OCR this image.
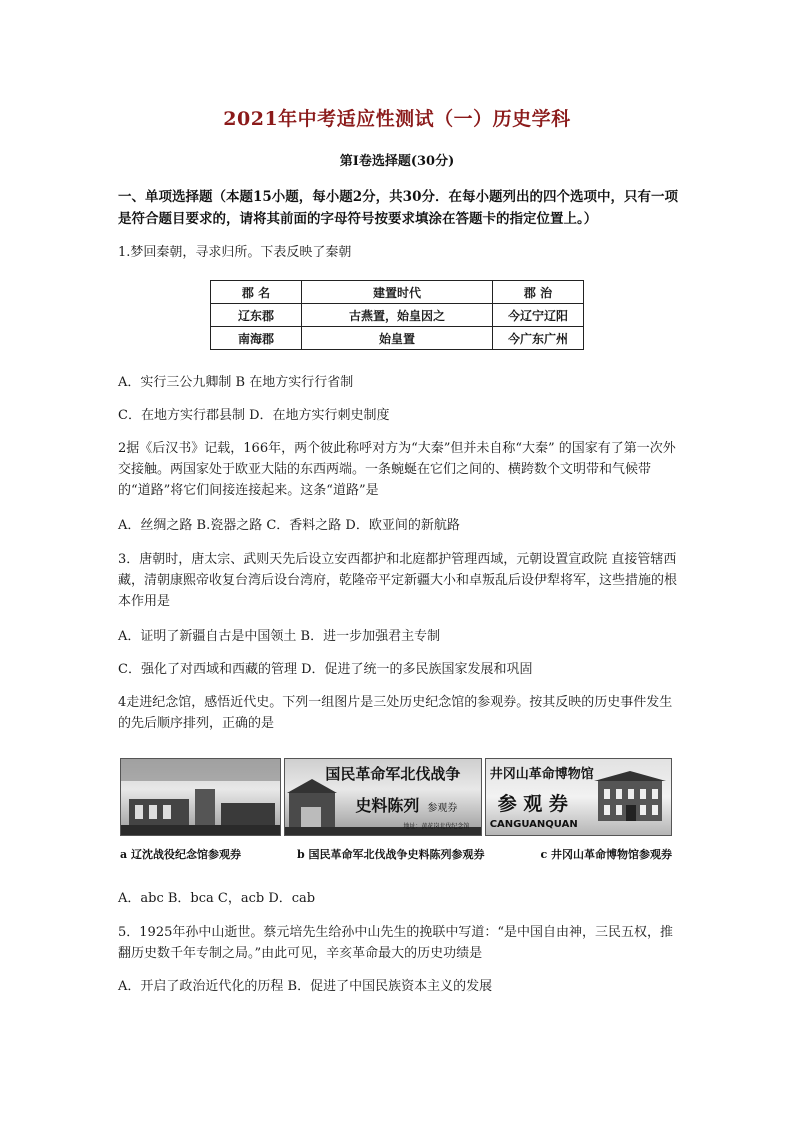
2021年中考适应性测试（一）历史学科
第Ⅰ卷选择题(30分)
一、单项选择题（本题15小题，每小题2分，共30分．在每小题列出的四个选项中，只有一项是符合题目要求的，请将其前面的字母符号按要求填涂在答题卡的指定位置上。）
1.梦回秦朝，寻求归所。下表反映了秦朝
郡 名	建置时代	郡 治
辽东郡	古燕置，始皇因之	今辽宁辽阳
南海郡	始皇置	今广东广州
A．实行三公九卿制 B 在地方实行行省制
C．在地方实行郡县制 D．在地方实行刺史制度
2据《后汉书》记载，166年，两个彼此称呼对方为“大秦”但并未自称“大秦” 的国家有了第一次外交接触。两国家处于欧亚大陆的东西两端。一条蜿蜒在它们之间的、横跨数个文明带和气候带的“道路”将它们间接连接起来。这条“道路”是
A．丝绸之路 B.瓷器之路 C．香料之路 D．欧亚间的新航路
3．唐朝时，唐太宗、武则天先后设立安西都护和北庭都护管理西域，元朝设置宣政院 直接管辖西藏，清朝康熙帝收复台湾后设台湾府，乾隆帝平定新疆大小和卓叛乱后设伊犁将军，这些措施的根本作用是
A．证明了新疆自古是中国领土 B．进一步加强君主专制
C．强化了对西域和西藏的管理 D．促进了统一的多民族国家发展和巩固
4走进纪念馆，感悟近代史。下列一组图片是三处历史纪念馆的参观券。按其反映的历史事件发生的先后顺序排列，正确的是
国民革命军北伐战争
史料陈列 参观券
地址：黄花岗北伐纪念馆
井冈山革命博物馆
参 观 券
CANGUANQUAN
a 辽沈战役纪念馆参观券	b 国民革命军北伐战争史料陈列参观券	c 井冈山革命博物馆参观券
A．abc B．bca C，acb D．cab
5．1925年孙中山逝世。蔡元培先生给孙中山先生的挽联中写道：“是中国自由神，三民五权，推翻历史数千年专制之局。”由此可见，辛亥革命最大的历史功绩是
A．开启了政治近代化的历程 B．促进了中国民族资本主义的发展
